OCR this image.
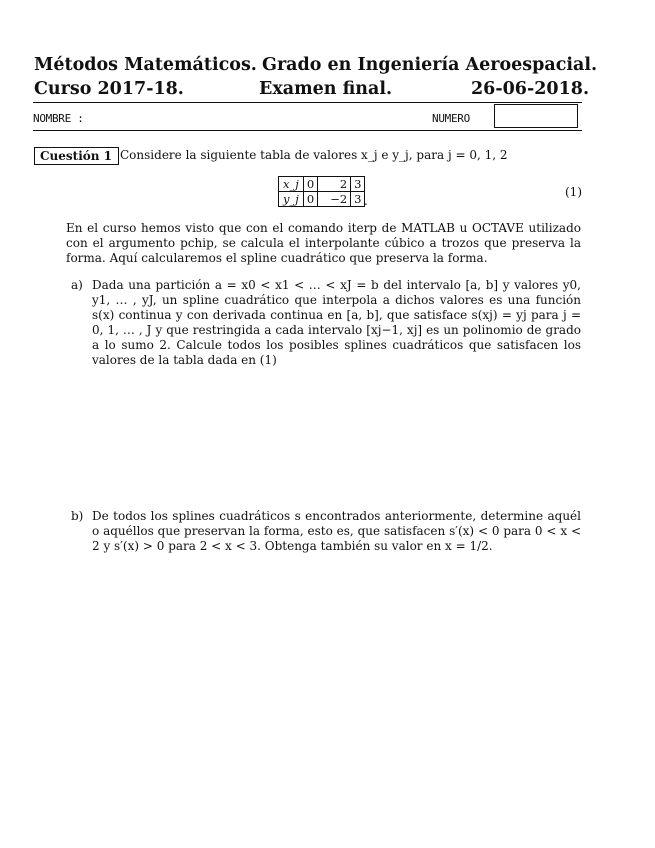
Métodos Matemáticos. Grado en Ingeniería Aeroespacial.
Curso 2017-18.	Examen final.	26-06-2018.
NOMBRE :	NUMERO
Cuestión 1 Considere la siguiente tabla de valores x_j e y_j, para j = 0, 1, 2
x_j	0	2	3
y_j	0	−2	3 .
(1)
En el curso hemos visto que con el comando iterp de MATLAB u OCTAVE utilizado con el argumento pchip, se calcula el interpolante cúbico a trozos que preserva la forma. Aquí calcularemos el spline cuadrático que preserva la forma.
a) Dada una partición a = x0 < x1 < … < xJ = b del intervalo [a, b] y valores y0, y1, … , yJ, un spline cuadrático que interpola a dichos valores es una función s(x) continua y con derivada continua en [a, b], que satisface s(xj) = yj para j = 0, 1, … , J y que restringida a cada intervalo [xj−1, xj] es un polinomio de grado a lo sumo 2. Calcule todos los posibles splines cuadráticos que satisfacen los valores de la tabla dada en (1)
b) De todos los splines cuadráticos s encontrados anteriormente, determine aquél o aquéllos que preservan la forma, esto es, que satisfacen s′(x) < 0 para 0 < x < 2 y s′(x) > 0 para 2 < x < 3. Obtenga también su valor en x = 1/2.
